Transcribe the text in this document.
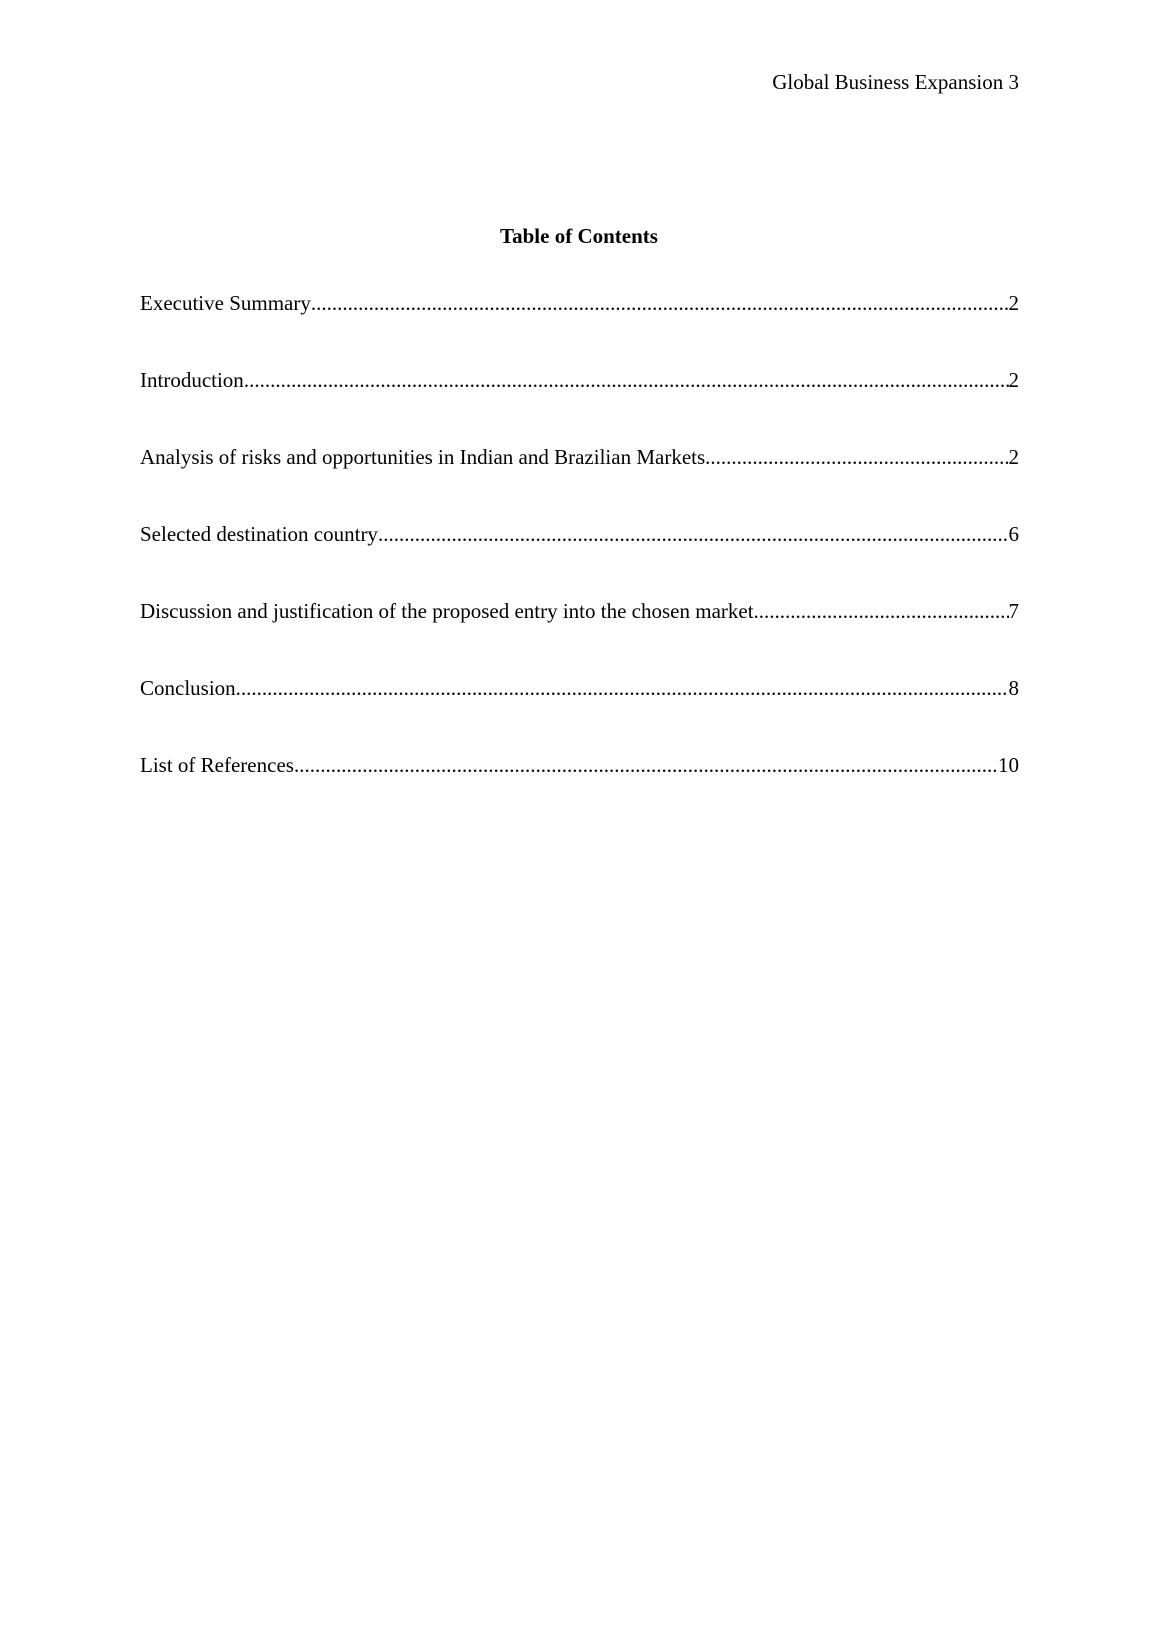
Global Business Expansion 3
Table of Contents
Executive Summary .....	2
Introduction .....	2
Analysis of risks and opportunities in Indian and Brazilian Markets .....	2
Selected destination country .....	6
Discussion and justification of the proposed entry into the chosen market .....	7
Conclusion .....	8
List of References .....	10
